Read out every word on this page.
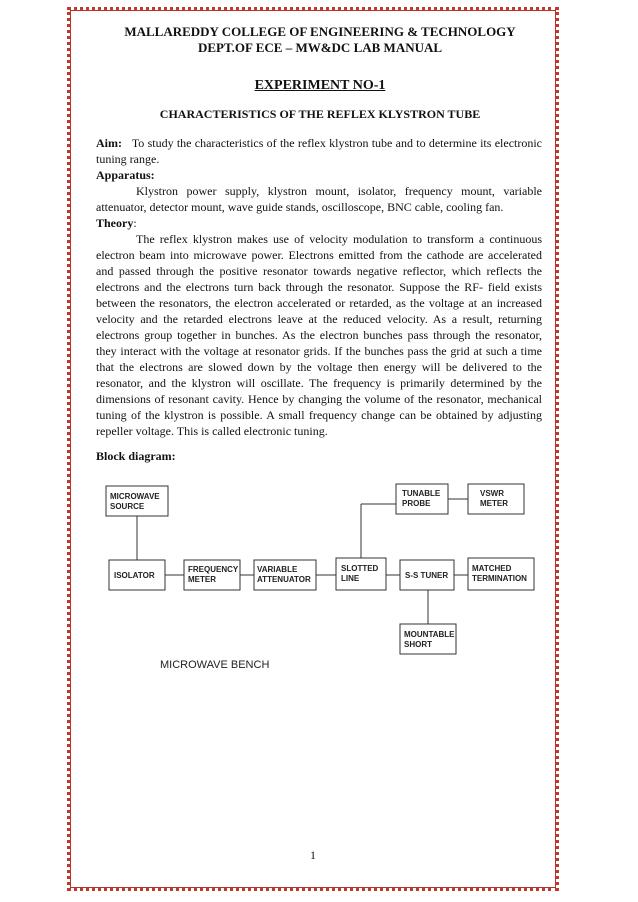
MALLAREDDY COLLEGE OF ENGINEERING & TECHNOLOGY
DEPT.OF ECE – MW&DC LAB MANUAL
EXPERIMENT NO-1
CHARACTERISTICS OF THE REFLEX KLYSTRON TUBE

Aim: To study the characteristics of the reflex klystron tube and to determine its electronic tuning range.

Apparatus:

Klystron power supply, klystron mount, isolator, frequency mount, variable attenuator, detector mount, wave guide stands, oscilloscope, BNC cable, cooling fan.

Theory:

The reflex klystron makes use of velocity modulation to transform a continuous electron beam into microwave power. Electrons emitted from the cathode are accelerated and passed through the positive resonator towards negative reflector, which reflects the electrons and the electrons turn back through the resonator. Suppose the RF- field exists between the resonators, the electron accelerated or retarded, as the voltage at an increased velocity and the retarded electrons leave at the reduced velocity. As a result, returning electrons group together in bunches. As the electron bunches pass through the resonator, they interact with the voltage at resonator grids. If the bunches pass the grid at such a time that the electrons are slowed down by the voltage then energy will be delivered to the resonator, and the klystron will oscillate. The frequency is primarily determined by the dimensions of resonant cavity. Hence by changing the volume of the resonator, mechanical tuning of the klystron is possible. A small frequency change can be obtained by adjusting repeller voltage. This is called electronic tuning.

Block diagram:
MICROWAVE
SOURCE
ISOLATOR
FREQUENCY
METER
VARIABLE
ATTENUATOR
SLOTTED
LINE	S-S TUNER
MATCHED
TERMINATION
TUNABLE
PROBE
VSWR
METER
MOUNTABLE
SHORT
MICROWAVE BENCH
1
